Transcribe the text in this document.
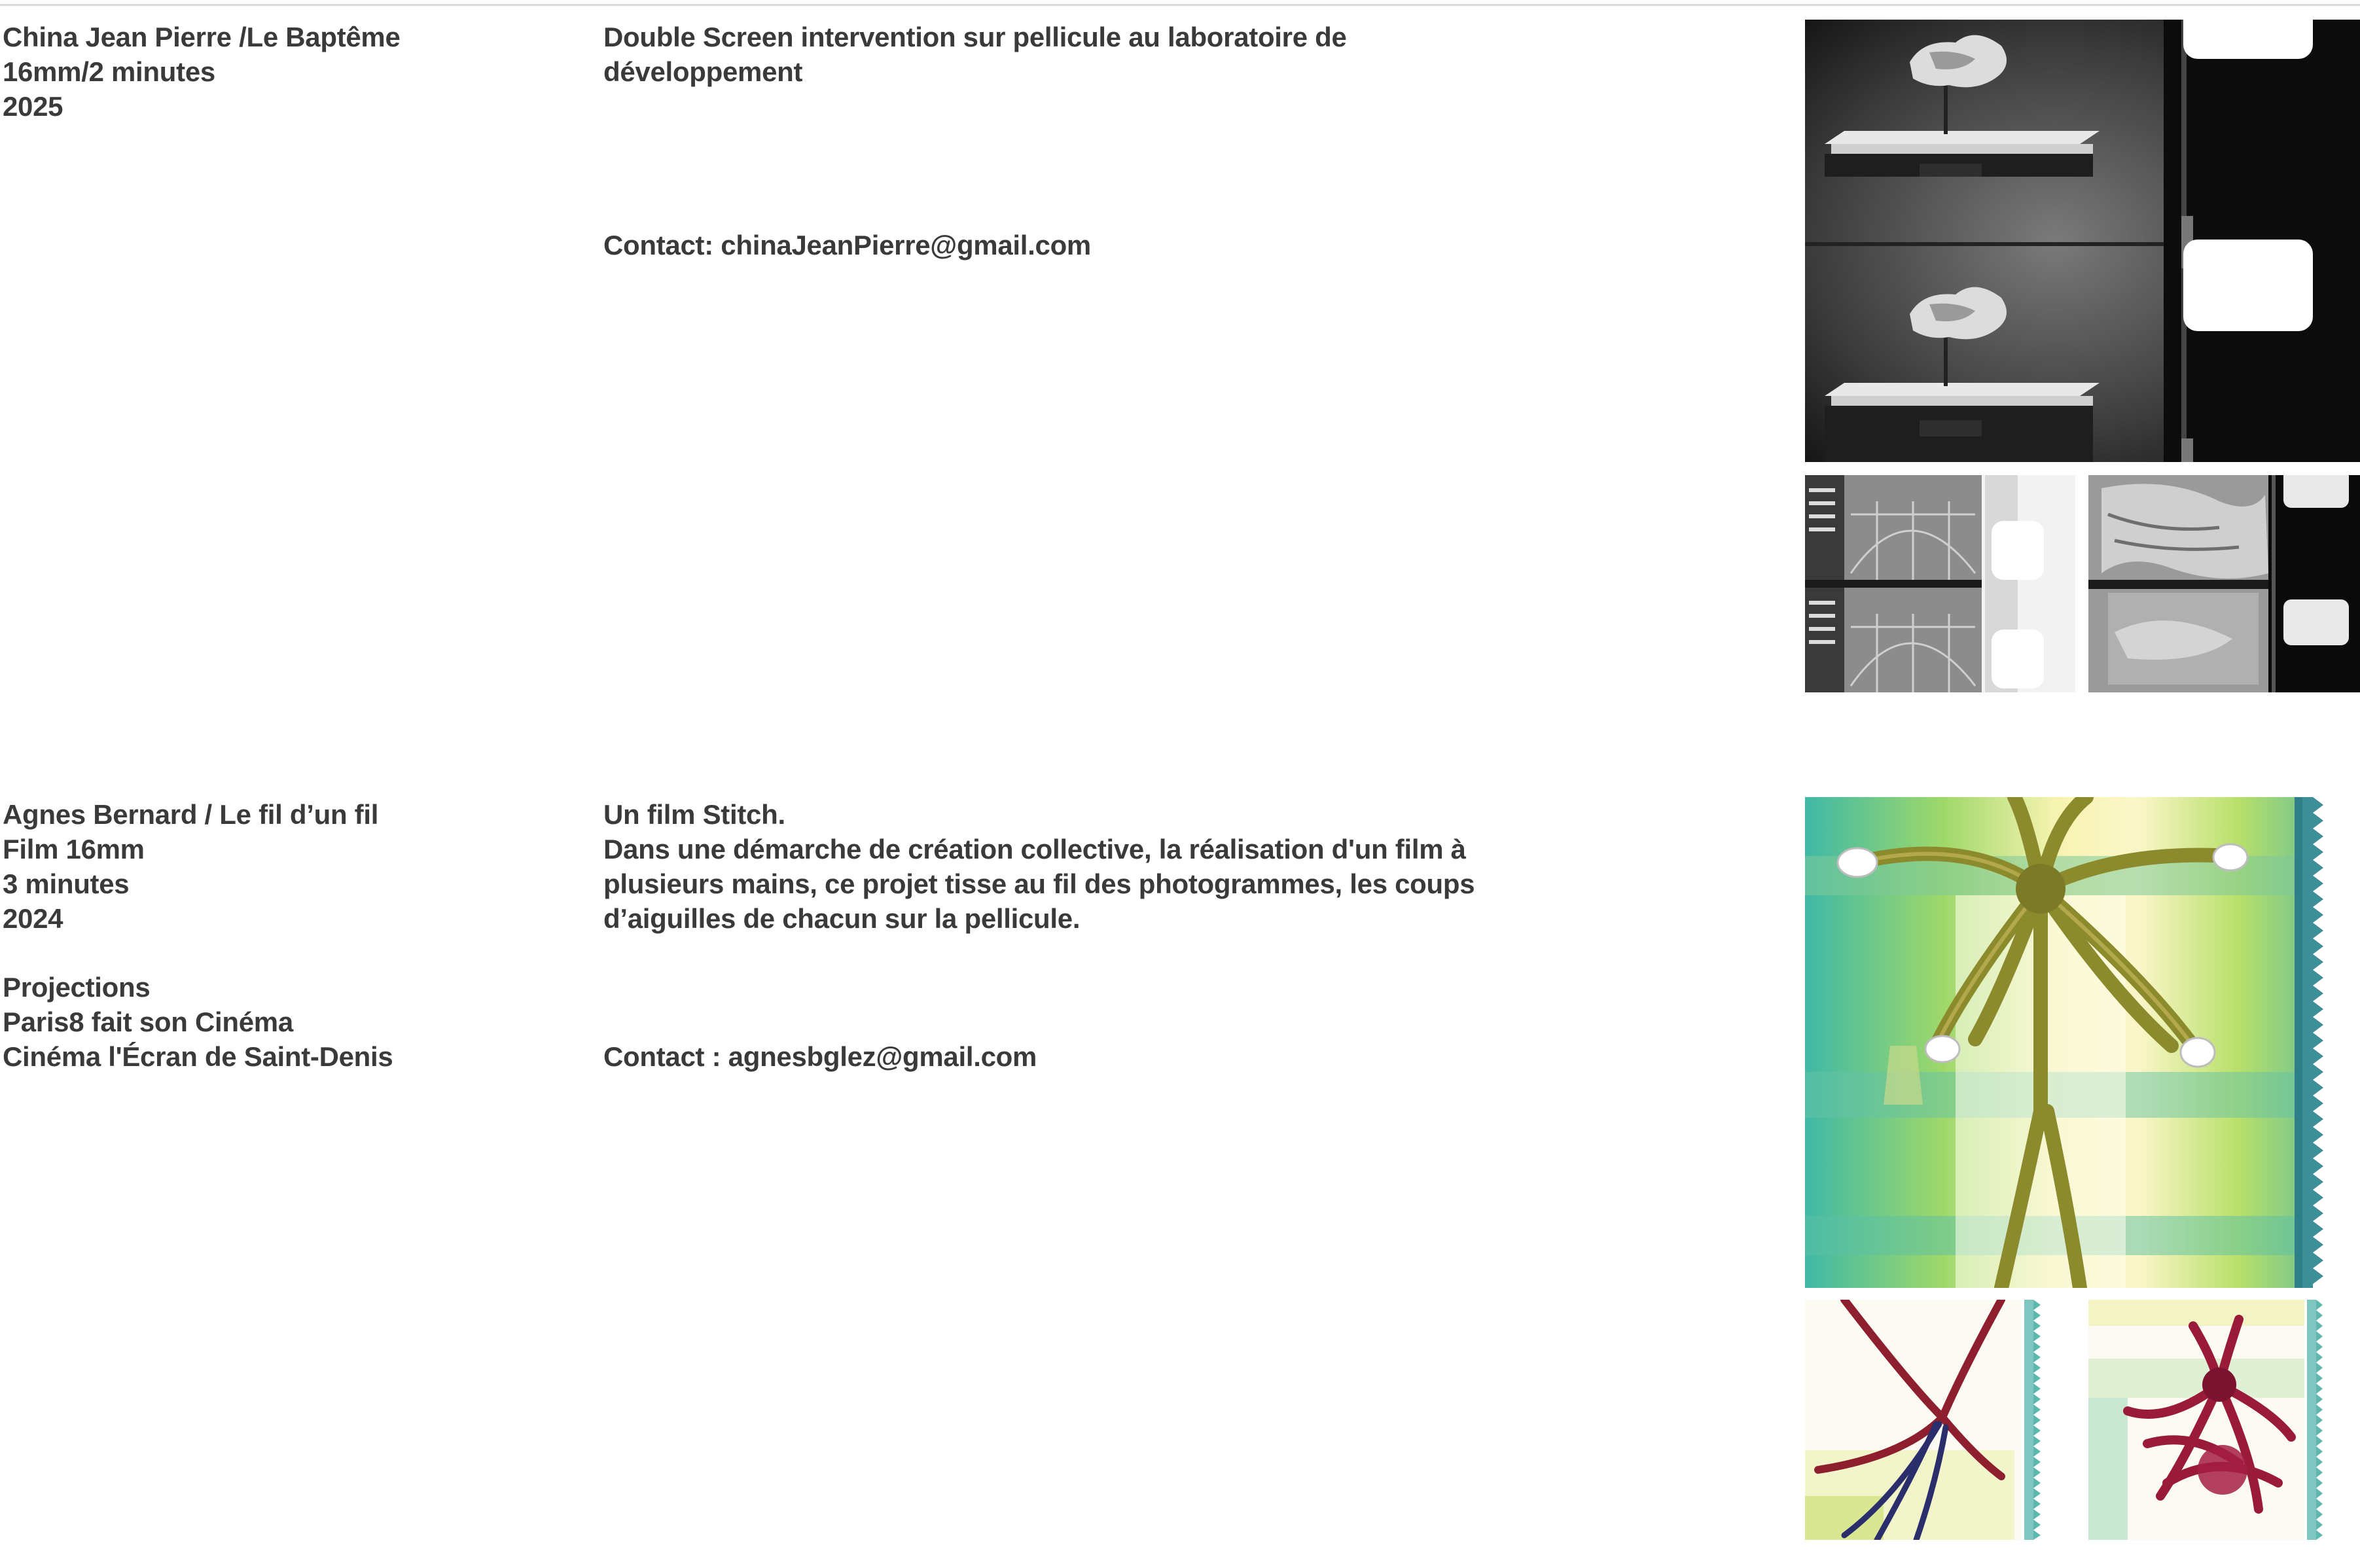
China Jean Pierre /Le Baptême
16mm/2 minutes
2025
Double Screen intervention sur pellicule au laboratoire de développement
Contact: chinaJeanPierre@gmail.com
Agnes Bernard / Le fil d’un fil
Film 16mm
3 minutes
2024
Projections
Paris8 fait son Cinéma
Cinéma l'Écran de Saint-Denis
Un film Stitch.
Dans une démarche de création collective, la réalisation d'un film à
plusieurs mains, ce projet tisse au fil des photogrammes, les coups
d’aiguilles de chacun sur la pellicule.
Contact : agnesbglez@gmail.com
